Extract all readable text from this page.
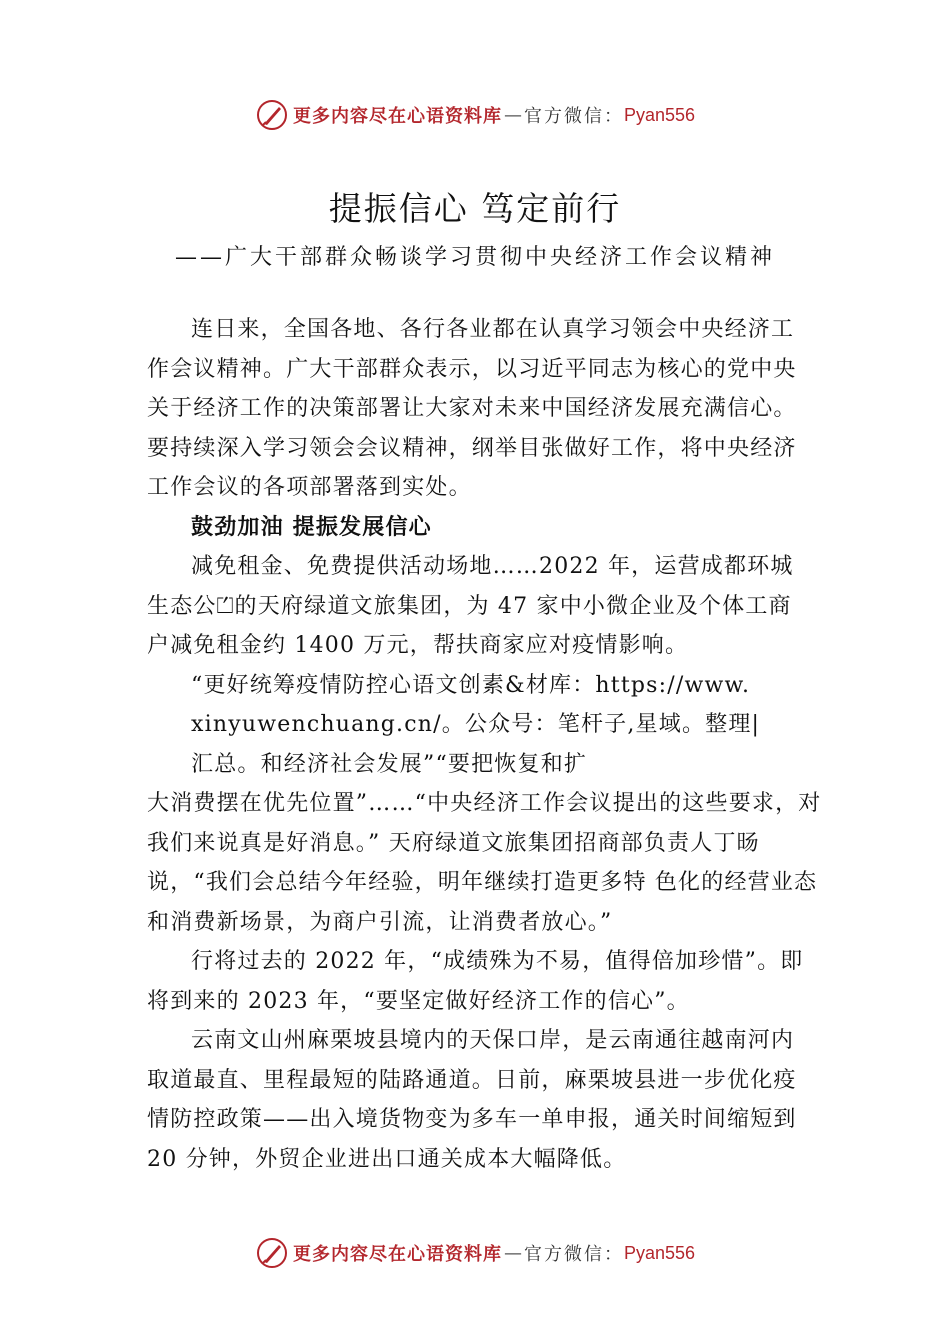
更多内容尽在心语资料库 — 官方微信： Pyan556
提振信心 笃定前行
——广大干部群众畅谈学习贯彻中央经济工作会议精神

连日来，全国各地、各行各业都在认真学习领会中央经济工作会议精神。广大干部群众表示，以习近平同志为核心的党中央关于经济工作的决策部署让大家对未来中国经济发展充满信心。要持续深入学习领会会议精神，纲举目张做好工作，将中央经济工作会议的各项部署落到实处。

鼓劲加油 提振发展信心

减免租金、免费提供活动场地……2022 年，运营成都环城生态公⏍的天府绿道文旅集团，为 47 家中小微企业及个体工商户减免租金约 1400 万元，帮扶商家应对疫情影响。

“更好统筹疫情防控心语文创素&材库：https://www.
xinyuwenchuang.cn/。公众号：笔杆子,星域。整理|
汇总。和经济社会发展”“要把恢复和扩
大消费摆在优先位置”……“中央经济工作会议提出的这些要求，对我们来说真是好消息。” 天府绿道文旅集团招商部负责人丁旸说，“我们会总结今年经验，明年继续打造更多特 色化的经营业态和消费新场景，为商户引流，让消费者放心。”

行将过去的 2022 年，“成绩殊为不易，值得倍加珍惜”。即将到来的 2023 年，“要坚定做好经济工作的信心”。

云南文山州麻栗坡县境内的天保口岸，是云南通往越南河内取道最直、里程最短的陆路通道。日前，麻栗坡县进一步优化疫情防控政策——出入境货物变为多车一单申报，通关时间缩短到 20 分钟，外贸企业进出口通关成本大幅降低。

更多内容尽在心语资料库 — 官方微信： Pyan556
